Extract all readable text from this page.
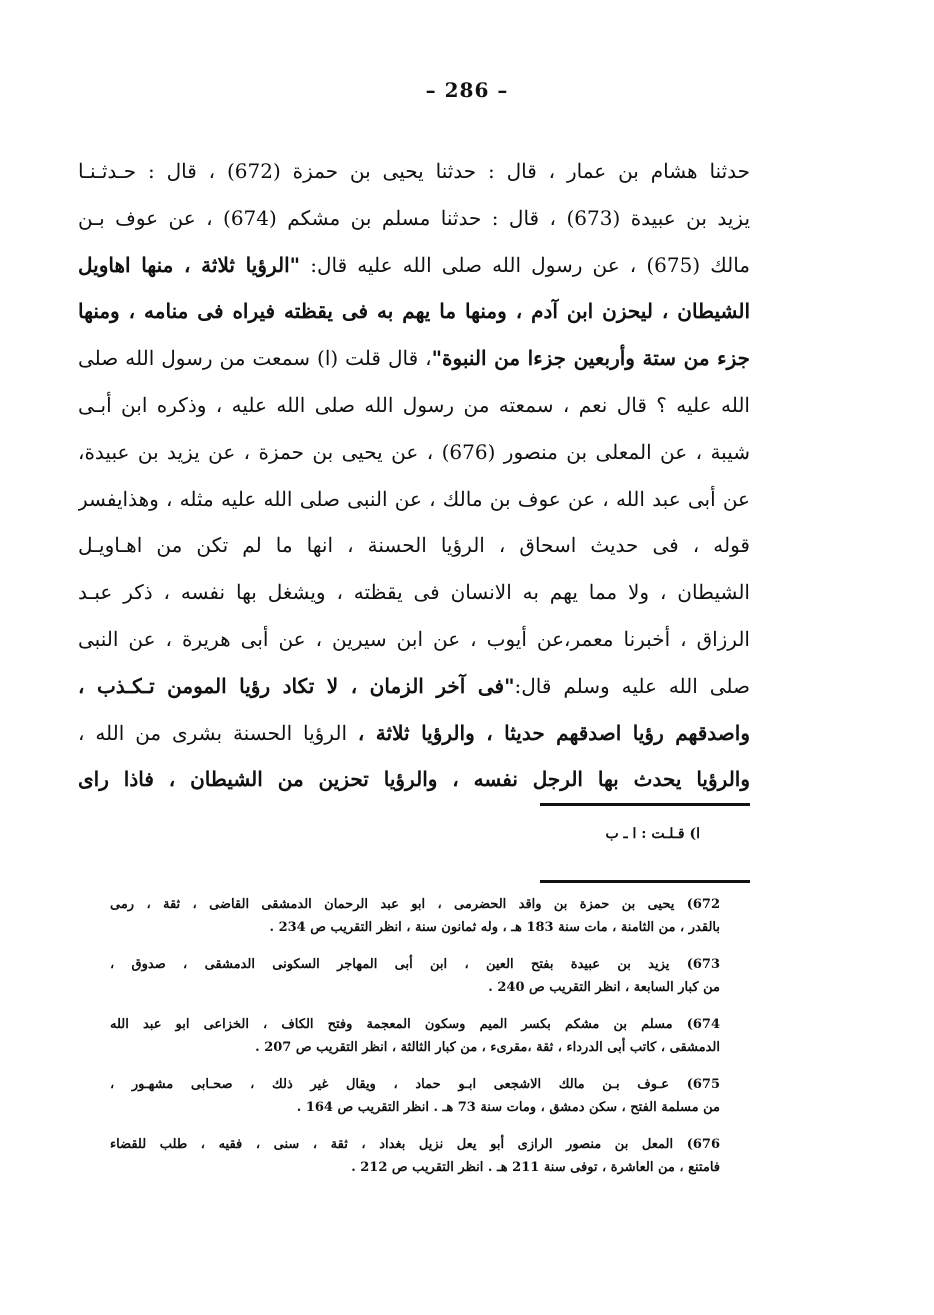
– 286 –
حدثنا هشام بن عمار ، قال : حدثنا يحيى بن حمزة (672) ، قال : حـدثـنـا
يزيد بن عبيدة (673) ، قال : حدثنا مسلم بن مشكم (674) ، عن عوف بـن
مالك (675) ، عن رسول الله صلى الله عليه قال: "الرؤيا ثلاثة ، منها اهاويل
الشيطان ، ليحزن ابن آدم ، ومنها ما يهم به فى يقظته فيراه فى منامه ، ومنها
جزء من ستة وأربعين جزءا من النبوة"، قال قلت (ا) سمعت من رسول الله صلى
الله عليه ؟ قال نعم ، سمعته من رسول الله صلى الله عليه ، وذكره ابن أبـى
شيبة ، عن المعلى بن منصور (676) ، عن يحيى بن حمزة ، عن يزيد بن عبيدة،
عن أبى عبد الله ، عن عوف بن مالك ، عن النبى صلى الله عليه مثله ، وهذايفسر
قوله ، فى حديث اسحاق ، الرؤيا الحسنة ، انها ما لم تكن من اهـاويـل
الشيطان ، ولا مما يهم به الانسان فى يقظته ، ويشغل بها نفسه ، ذكر عبـد
الرزاق ، أخبرنا معمر،عن أيوب ، عن ابن سيرين ، عن أبى هريرة ، عن النبى
صلى الله عليه وسلم قال:"فى آخر الزمان ، لا تكاد رؤيا المومن تـكـذب ،
واصدقهم رؤيا اصدقهم حديثا ، والرؤيا ثلاثة ، الرؤيا الحسنة بشرى من الله ،
والرؤيا يحدث بها الرجل نفسه ، والرؤيا تحزين من الشيطان ، فاذا راى
ا) قـلـت : ا ـ ب
672) يحيى بن حمزة بن واقد الحضرمى ، ابو عبد الرحمان الدمشقى القاضى ، ثقة ، رمى
بالقدر ، من الثامنة ، مات سنة 183 هـ ، وله ثمانون سنة ، انظر التقريب ص 234 .
673) يزيد بن عبيدة بفتح العين ، ابن أبى المهاجر السكونى الدمشقى ، صدوق ،
من كبار السابعة ، انظر التقريب ص 240 .
674) مسلم بن مشكم بكسر الميم وسكون المعجمة وفتح الكاف ، الخزاعى ابو عبد الله
الدمشقى ، كاتب أبى الدرداء ، ثقة ،مقرىء ، من كبار الثالثة ، انظر التقريب ص 207 .
675) عـوف بـن مالك الاشجعى ابـو حماد ، ويقال غير ذلك ، صحـابى مشهـور ،
من مسلمة الفتح ، سكن دمشق ، ومات سنة 73 هـ . انظر التقريب ص 164 .
676) المعل بن منصور الرازى أبو يعل نزيل بغداد ، ثقة ، سنى ، فقيه ، طلب للقضاء
فامتنع ، من العاشرة ، توفى سنة 211 هـ . انظر التقريب ص 212 .
